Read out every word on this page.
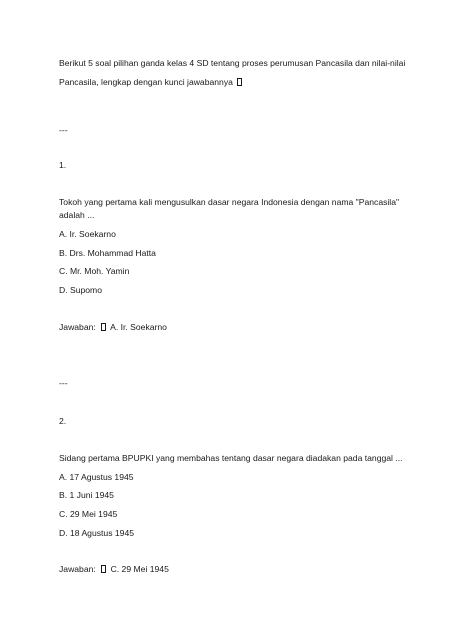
Berikut 5 soal pilihan ganda kelas 4 SD tentang proses perumusan Pancasila dan nilai-nilai
Pancasila, lengkap dengan kunci jawabannya
---
1.
Tokoh yang pertama kali mengusulkan dasar negara Indonesia dengan nama "Pancasila"
adalah ...
A. Ir. Soekarno
B. Drs. Mohammad Hatta
C. Mr. Moh. Yamin
D. Supomo
Jawaban: A. Ir. Soekarno
---
2.
Sidang pertama BPUPKI yang membahas tentang dasar negara diadakan pada tanggal ...
A. 17 Agustus 1945
B. 1 Juni 1945
C. 29 Mei 1945
D. 18 Agustus 1945
Jawaban: C. 29 Mei 1945
